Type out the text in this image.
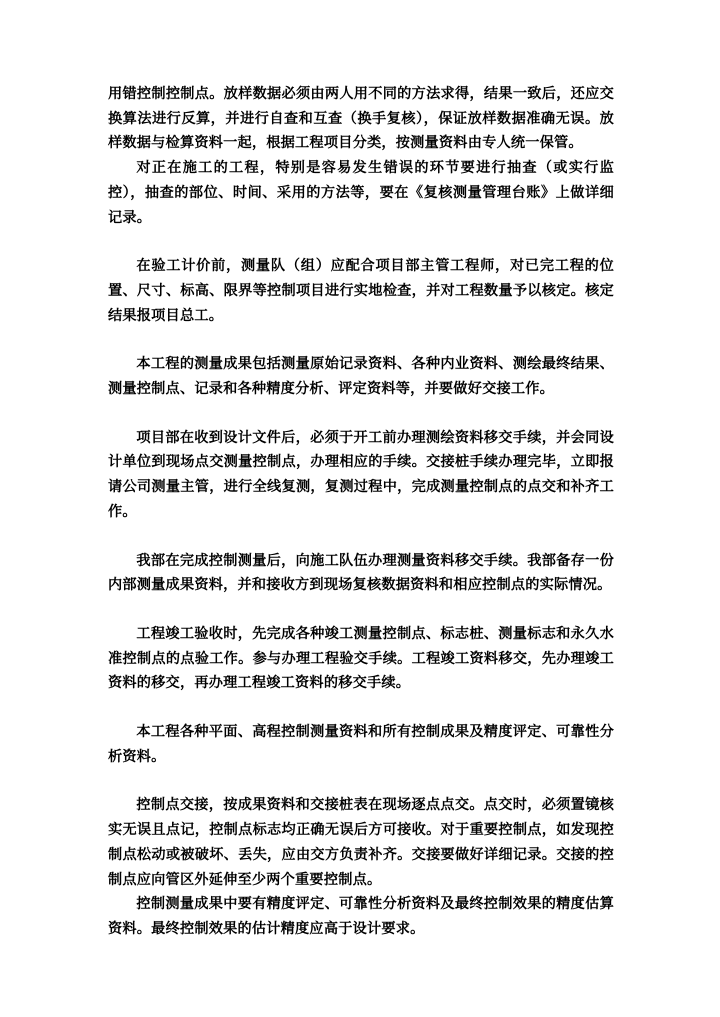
用错控制控制点。放样数据必须由两人用不同的方法求得，结果一致后，还应交换算法进行反算，并进行自查和互查（换手复核），保证放样数据准确无误。放样数据与检算资料一起，根据工程项目分类，按测量资料由专人统一保管。

对正在施工的工程，特别是容易发生错误的环节要进行抽查（或实行监控），抽查的部位、时间、采用的方法等，要在《复核测量管理台账》上做详细记录。

在验工计价前，测量队（组）应配合项目部主管工程师，对已完工程的位置、尺寸、标高、限界等控制项目进行实地检查，并对工程数量予以核定。核定结果报项目总工。

本工程的测量成果包括测量原始记录资料、各种内业资料、测绘最终结果、测量控制点、记录和各种精度分析、评定资料等，并要做好交接工作。

项目部在收到设计文件后，必须于开工前办理测绘资料移交手续，并会同设计单位到现场点交测量控制点，办理相应的手续。交接桩手续办理完毕，立即报请公司测量主管，进行全线复测，复测过程中，完成测量控制点的点交和补齐工作。

我部在完成控制测量后，向施工队伍办理测量资料移交手续。我部备存一份内部测量成果资料，并和接收方到现场复核数据资料和相应控制点的实际情况。

工程竣工验收时，先完成各种竣工测量控制点、标志桩、测量标志和永久水准控制点的点验工作。参与办理工程验交手续。工程竣工资料移交，先办理竣工资料的移交，再办理工程竣工资料的移交手续。

本工程各种平面、高程控制测量资料和所有控制成果及精度评定、可靠性分析资料。

控制点交接，按成果资料和交接桩表在现场逐点点交。点交时，必须置镜核实无误且点记，控制点标志均正确无误后方可接收。对于重要控制点，如发现控制点松动或被破坏、丢失，应由交方负责补齐。交接要做好详细记录。交接的控制点应向管区外延伸至少两个重要控制点。

控制测量成果中要有精度评定、可靠性分析资料及最终控制效果的精度估算资料。最终控制效果的估计精度应高于设计要求。
